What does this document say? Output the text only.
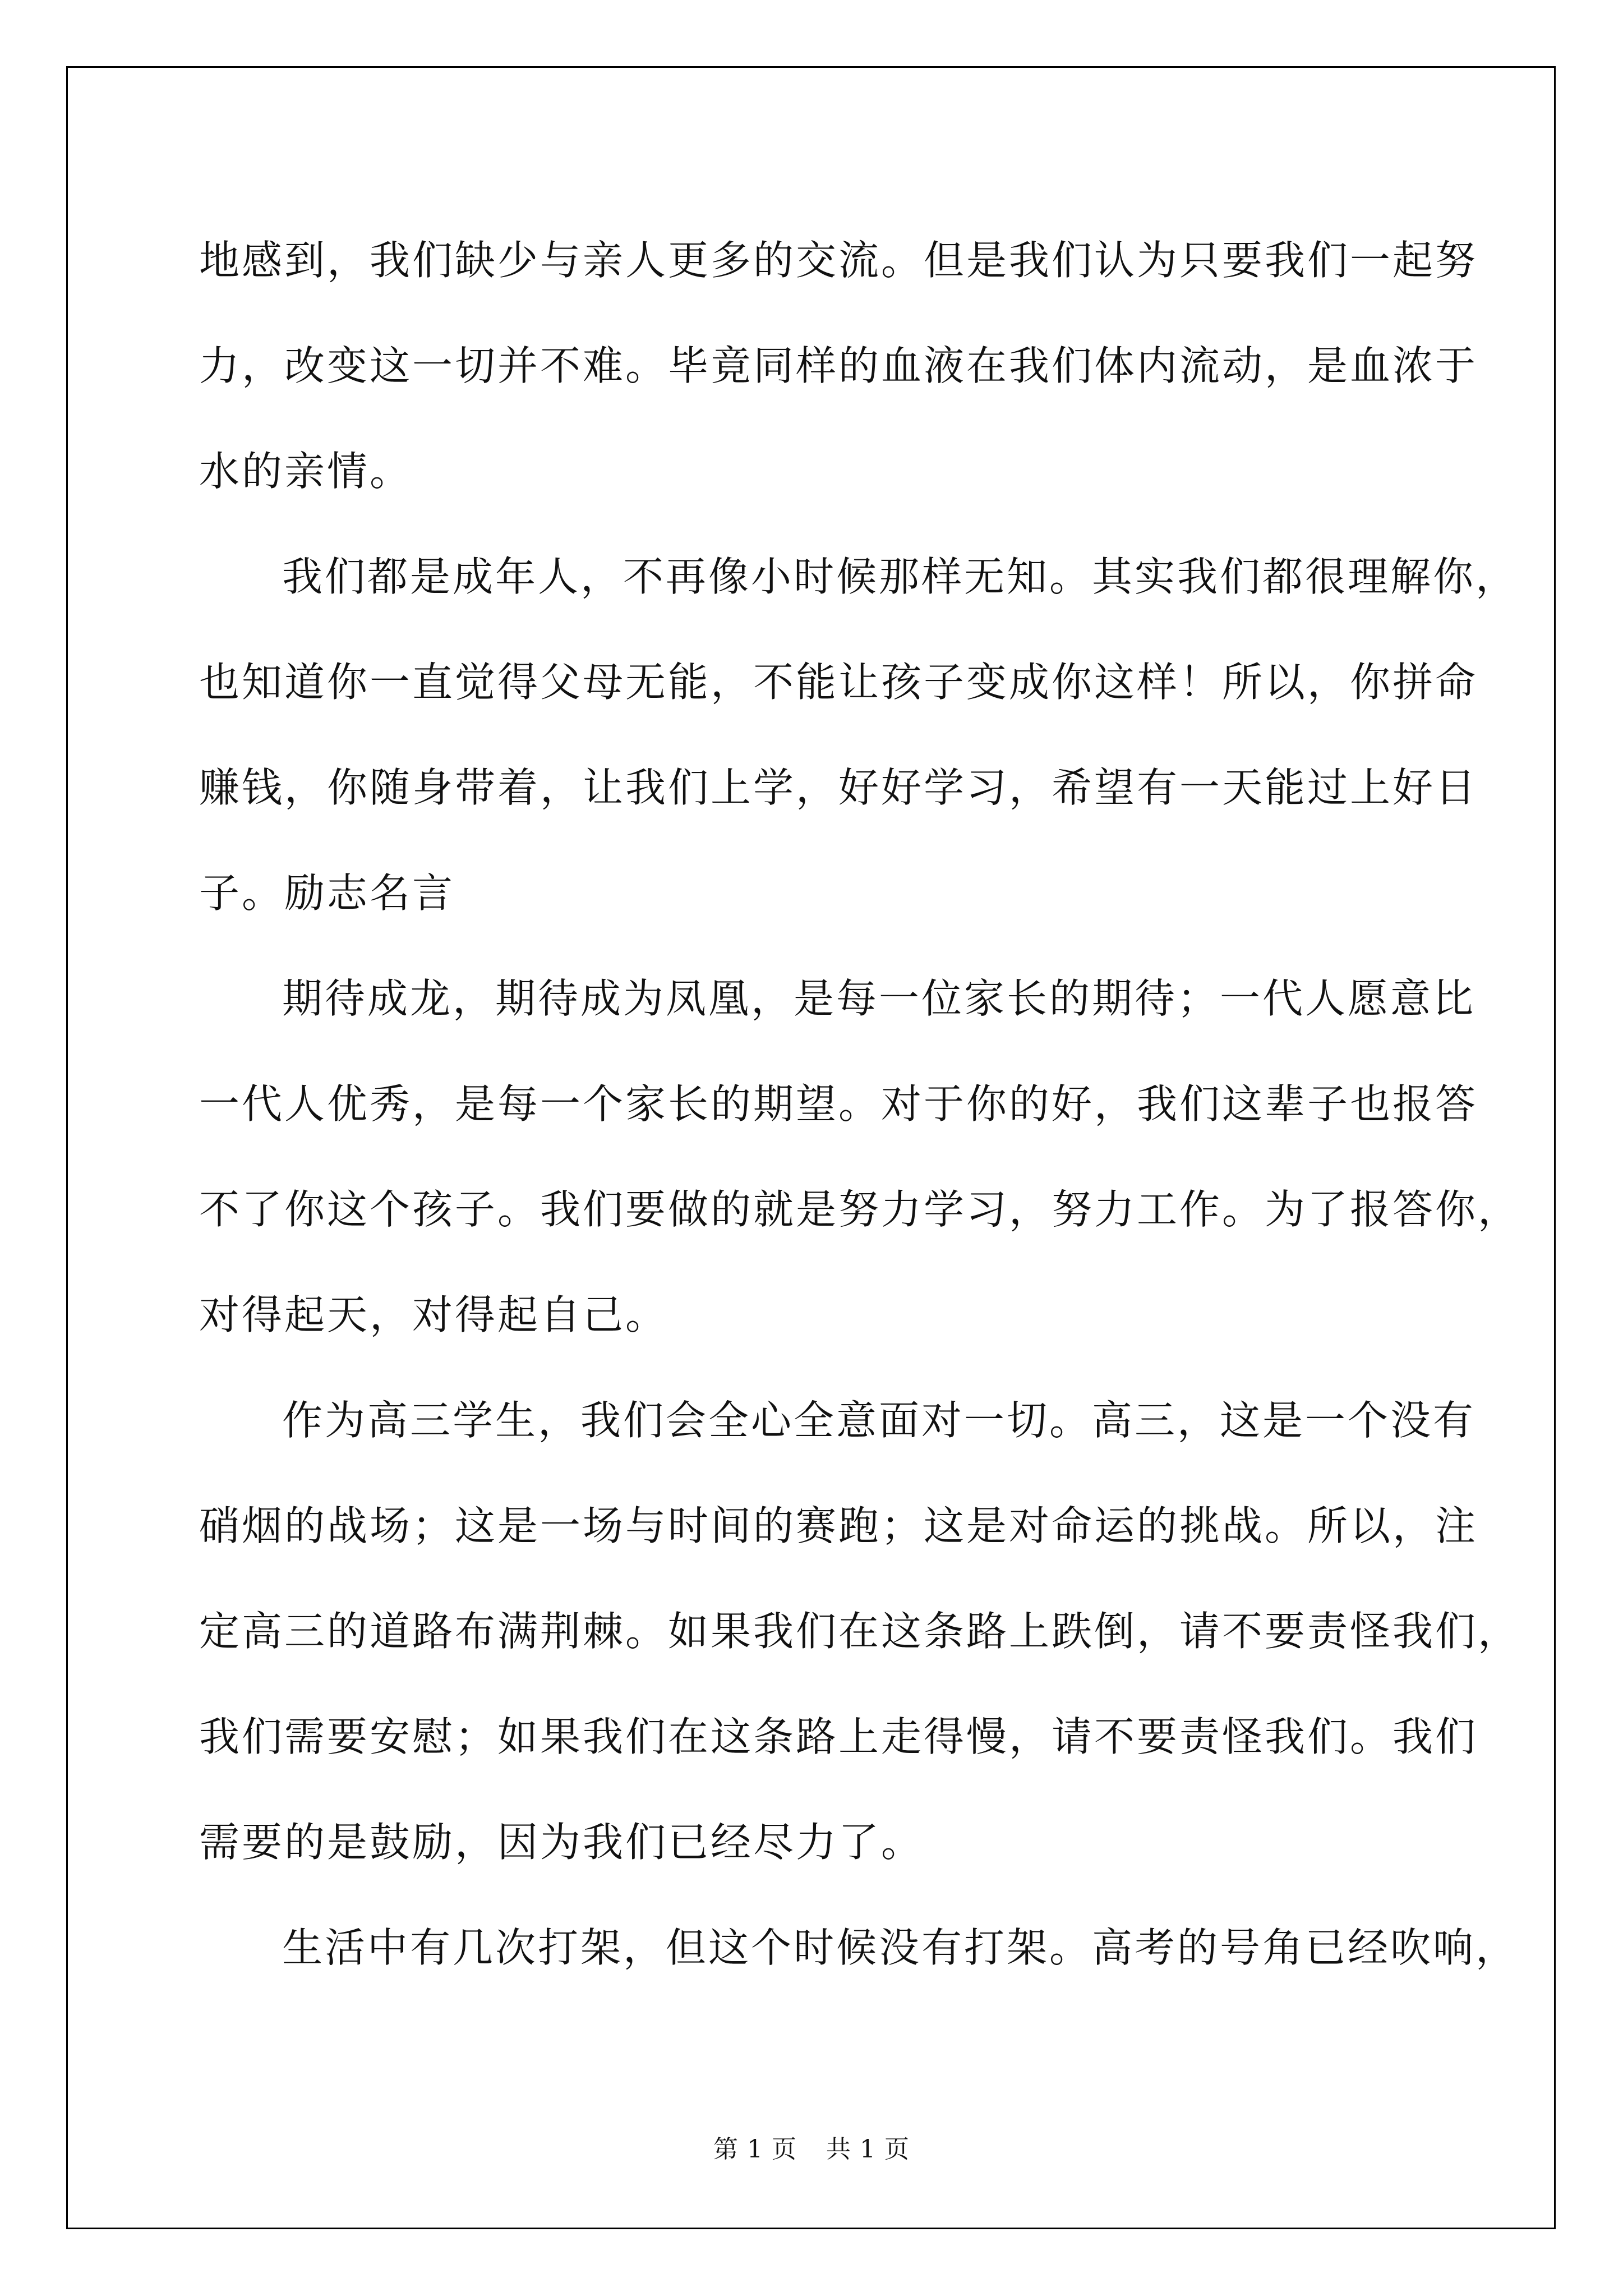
地感到，我们缺少与亲人更多的交流。但是我们认为只要我们一起努
力，改变这一切并不难。毕竟同样的血液在我们体内流动，是血浓于
水的亲情。
我们都是成年人，不再像小时候那样无知。其实我们都很理解你，
也知道你一直觉得父母无能，不能让孩子变成你这样！所以，你拼命
赚钱，你随身带着，让我们上学，好好学习，希望有一天能过上好日
子。励志名言
期待成龙，期待成为凤凰，是每一位家长的期待；一代人愿意比
一代人优秀，是每一个家长的期望。对于你的好，我们这辈子也报答
不了你这个孩子。我们要做的就是努力学习，努力工作。为了报答你，
对得起天，对得起自己。
作为高三学生，我们会全心全意面对一切。高三，这是一个没有
硝烟的战场；这是一场与时间的赛跑；这是对命运的挑战。所以，注
定高三的道路布满荆棘。如果我们在这条路上跌倒，请不要责怪我们，
我们需要安慰；如果我们在这条路上走得慢，请不要责怪我们。我们
需要的是鼓励，因为我们已经尽力了。
生活中有几次打架，但这个时候没有打架。高考的号角已经吹响，
第 1 页 共 1 页
